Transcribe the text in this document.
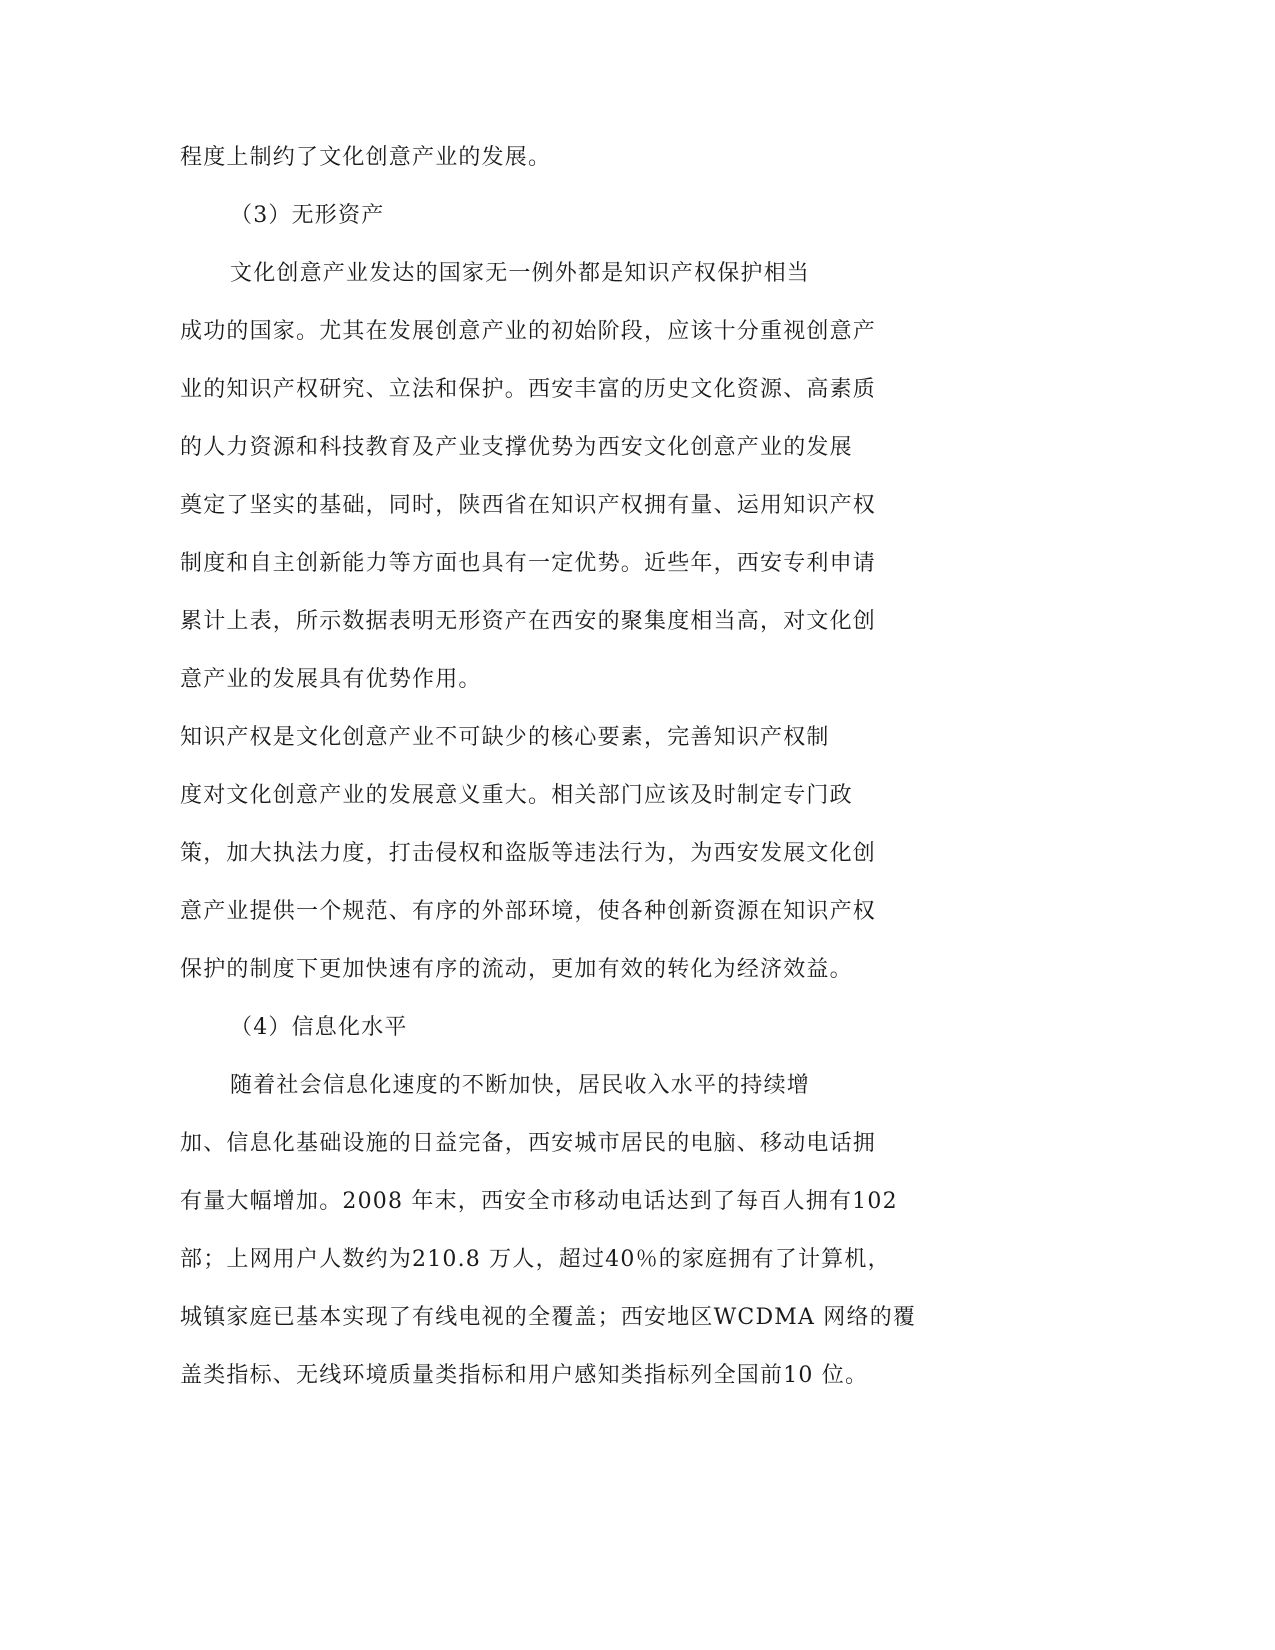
程度上制约了文化创意产业的发展。
（3）无形资产
文化创意产业发达的国家无一例外都是知识产权保护相当
成功的国家。尤其在发展创意产业的初始阶段，应该十分重视创意产
业的知识产权研究、立法和保护。西安丰富的历史文化资源、高素质
的人力资源和科技教育及产业支撑优势为西安文化创意产业的发展
奠定了坚实的基础，同时，陕西省在知识产权拥有量、运用知识产权
制度和自主创新能力等方面也具有一定优势。近些年，西安专利申请
累计上表，所示数据表明无形资产在西安的聚集度相当高，对文化创
意产业的发展具有优势作用。
知识产权是文化创意产业不可缺少的核心要素，完善知识产权制
度对文化创意产业的发展意义重大。相关部门应该及时制定专门政
策，加大执法力度，打击侵权和盗版等违法行为，为西安发展文化创
意产业提供一个规范、有序的外部环境，使各种创新资源在知识产权
保护的制度下更加快速有序的流动，更加有效的转化为经济效益。
（4）信息化水平
随着社会信息化速度的不断加快，居民收入水平的持续增
加、信息化基础设施的日益完备，西安城市居民的电脑、移动电话拥
有量大幅增加。2008 年末，西安全市移动电话达到了每百人拥有102
部；上网用户人数约为210.8 万人，超过40％的家庭拥有了计算机，
城镇家庭已基本实现了有线电视的全覆盖；西安地区WCDMA 网络的覆
盖类指标、无线环境质量类指标和用户感知类指标列全国前10 位。
